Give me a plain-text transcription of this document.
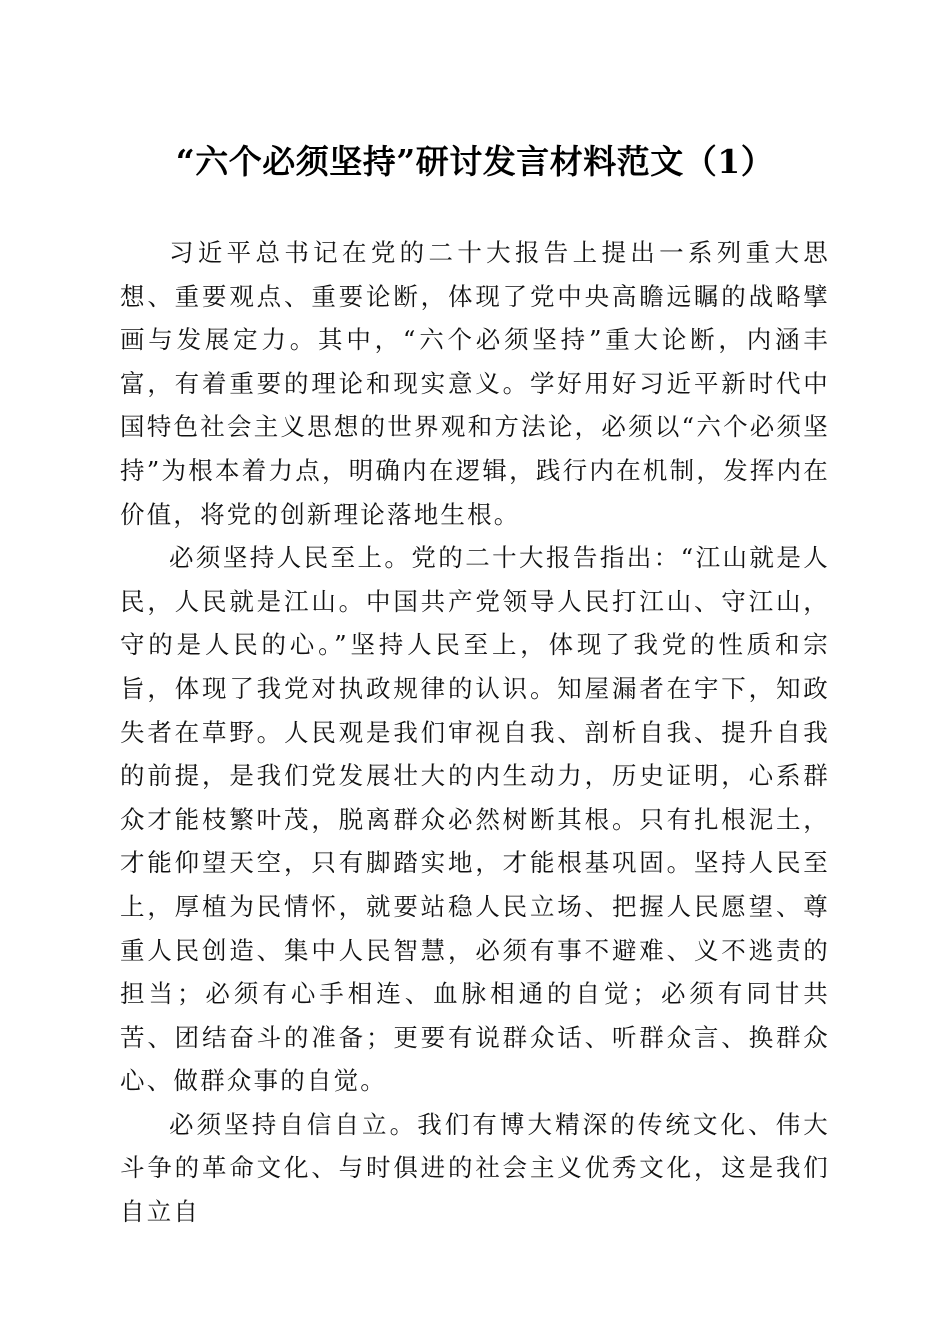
“六个必须坚持”研讨发言材料范文（1）

习近平总书记在党的二十大报告上提出一系列重大思想、重要观点、重要论断，体现了党中央高瞻远瞩的战略擘画与发展定力。其中，“六个必须坚持”重大论断，内涵丰富，有着重要的理论和现实意义。学好用好习近平新时代中国特色社会主义思想的世界观和方法论，必须以“六个必须坚持”为根本着力点，明确内在逻辑，践行内在机制，发挥内在价值，将党的创新理论落地生根。

必须坚持人民至上。党的二十大报告指出：“江山就是人民，人民就是江山。中国共产党领导人民打江山、守江山，守的是人民的心。”坚持人民至上，体现了我党的性质和宗旨，体现了我党对执政规律的认识。知屋漏者在宇下，知政失者在草野。人民观是我们审视自我、剖析自我、提升自我的前提，是我们党发展壮大的内生动力，历史证明，心系群众才能枝繁叶茂，脱离群众必然树断其根。只有扎根泥土，才能仰望天空，只有脚踏实地，才能根基巩固。坚持人民至上，厚植为民情怀，就要站稳人民立场、把握人民愿望、尊重人民创造、集中人民智慧，必须有事不避难、义不逃责的担当；必须有心手相连、血脉相通的自觉；必须有同甘共苦、团结奋斗的准备；更要有说群众话、听群众言、换群众心、做群众事的自觉。

必须坚持自信自立。我们有博大精深的传统文化、伟大斗争的革命文化、与时俱进的社会主义优秀文化，这是我们自立自
